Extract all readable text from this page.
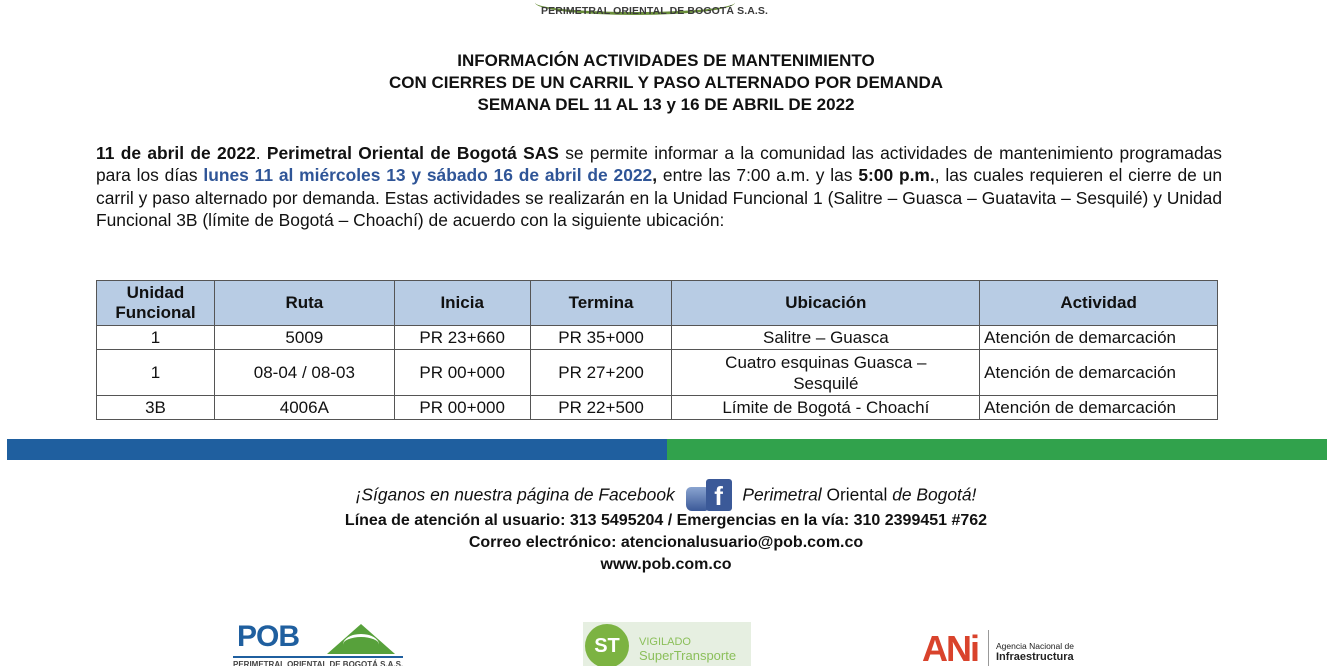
PERIMETRAL ORIENTAL DE BOGOTÁ S.A.S.
INFORMACIÓN ACTIVIDADES DE MANTENIMIENTO
CON CIERRES DE UN CARRIL Y PASO ALTERNADO POR DEMANDA
SEMANA DEL 11 AL 13 y 16 DE ABRIL DE 2022
11 de abril de 2022. Perimetral Oriental de Bogotá SAS se permite informar a la comunidad las actividades de mantenimiento programadas para los días lunes 11 al miércoles 13 y sábado 16 de abril de 2022, entre las 7:00 a.m. y las 5:00 p.m., las cuales requieren el cierre de un carril y paso alternado por demanda. Estas actividades se realizarán en la Unidad Funcional 1 (Salitre – Guasca – Guatavita – Sesquilé) y Unidad Funcional 3B (límite de Bogotá – Choachí) de acuerdo con la siguiente ubicación:
Unidad Funcional	Ruta	Inicia	Termina	Ubicación	Actividad
1	5009	PR 23+660	PR 35+000	Salitre – Guasca	Atención de demarcación
1	08-04 / 08-03	PR 00+000	PR 27+200	Cuatro esquinas Guasca – Sesquilé	Atención de demarcación
3B	4006A	PR 00+000	PR 22+500	Límite de Bogotá - Choachí	Atención de demarcación
¡Síganos en nuestra página de Facebook	f	Perimetral Oriental de Bogotá!
Línea de atención al usuario: 313 5495204 / Emergencias en la vía: 310 2399451 #762
Correo electrónico: atencionalusuario@pob.com.co
www.pob.com.co
POB
PERIMETRAL ORIENTAL DE BOGOTÁ S.A.S.
ST	VIGILADO
SuperTransporte	ANi Agencia Nacional de
Infraestructura
